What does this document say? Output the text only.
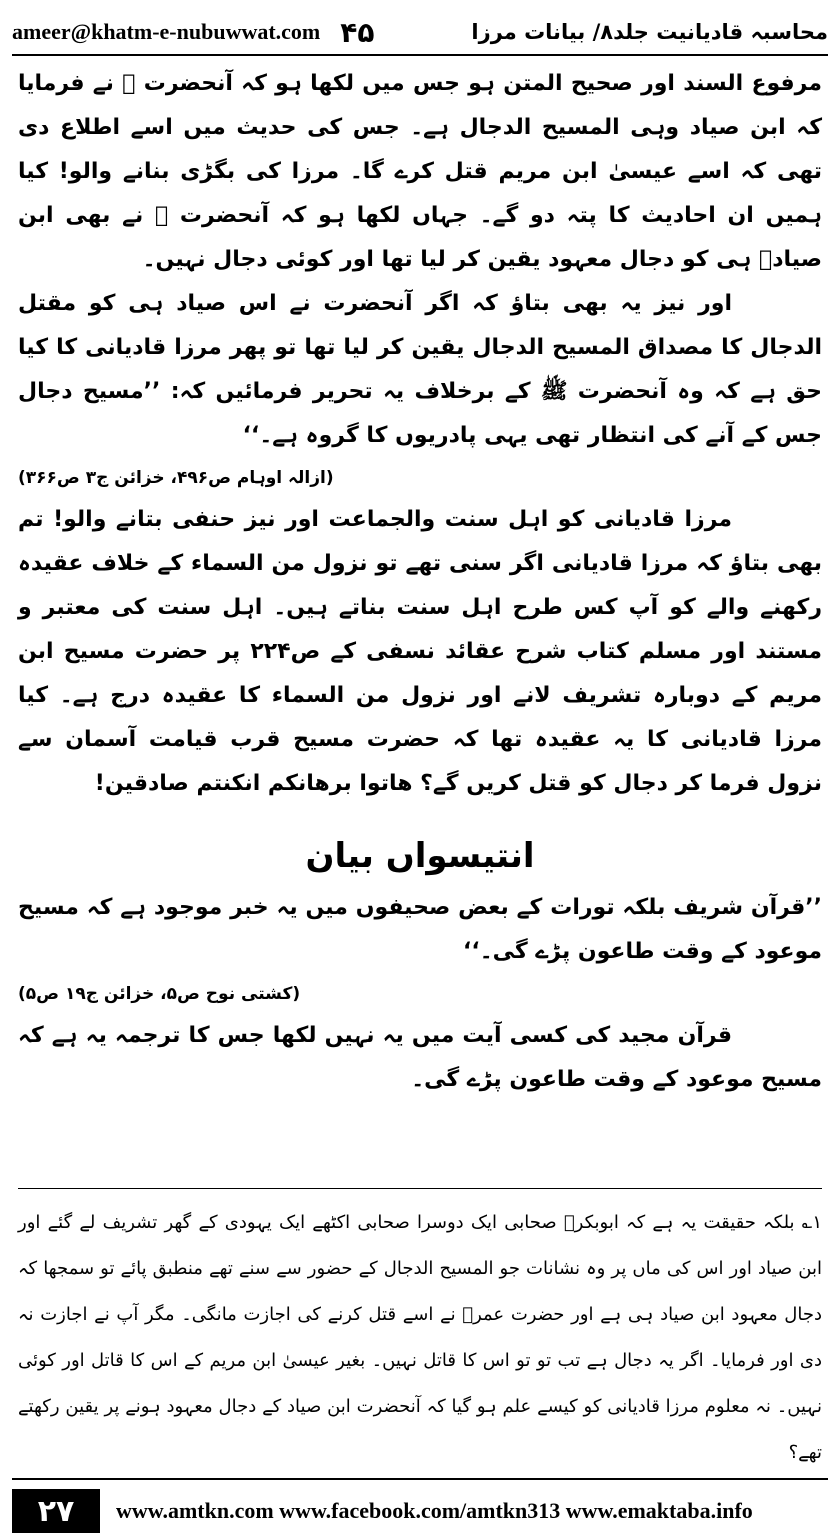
ameer@khatm-e-nubuwwat.com ۴۵	محاسبہ قادیانیت جلد۸/ بیانات مرزا

مرفوع السند اور صحیح المتن ہو جس میں لکھا ہو کہ آنحضرت ﷺ نے فرمایا کہ ابن صیاد وہی المسیح الدجال ہے۔ جس کی حدیث میں اسے اطلاع دی تھی کہ اسے عیسیٰ ابن مریم قتل کرے گا۔ مرزا کی بگڑی بنانے والو! کیا ہمیں ان احادیث کا پتہ دو گے۔ جہاں لکھا ہو کہ آنحضرت ﷺ نے بھی ابن صیادؓ ہی کو دجال معہود یقین کر لیا تھا اور کوئی دجال نہیں۔

اور نیز یہ بھی بتاؤ کہ اگر آنحضرت نے اس صیاد ہی کو مقتل الدجال کا مصداق المسیح الدجال یقین کر لیا تھا تو پھر مرزا قادیانی کا کیا حق ہے کہ وہ آنحضرت ﷺ کے برخلاف یہ تحریر فرمائیں کہ: ’’مسیح دجال جس کے آنے کی انتظار تھی یہی پادریوں کا گروہ ہے۔‘‘

(ازالہ اوہام ص۴۹۶، خزائن ج۳ ص۳۶۶)

مرزا قادیانی کو اہل سنت والجماعت اور نیز حنفی بتانے والو! تم بھی بتاؤ کہ مرزا قادیانی اگر سنی تھے تو نزول من السماء کے خلاف عقیدہ رکھنے والے کو آپ کس طرح اہل سنت بناتے ہیں۔ اہل سنت کی معتبر و مستند اور مسلم کتاب شرح عقائد نسفی کے ص۲۲۴ پر حضرت مسیح ابن مریم کے دوبارہ تشریف لانے اور نزول من السماء کا عقیدہ درج ہے۔ کیا مرزا قادیانی کا یہ عقیدہ تھا کہ حضرت مسیح قرب قیامت آسمان سے نزول فرما کر دجال کو قتل کریں گے؟ ھاتوا برھانکم انکنتم صادقین!

انتیسواں بیان

’’قرآن شریف بلکہ تورات کے بعض صحیفوں میں یہ خبر موجود ہے کہ مسیح موعود کے وقت طاعون پڑے گی۔‘‘

(کشتی نوح ص۵، خزائن ج۱۹ ص۵)

قرآن مجید کی کسی آیت میں یہ نہیں لکھا جس کا ترجمہ یہ ہے کہ مسیح موعود کے وقت طاعون پڑے گی۔

۱؎ بلکہ حقیقت یہ ہے کہ ابوبکرؓ صحابی ایک دوسرا صحابی اکٹھے ایک یہودی کے گھر تشریف لے گئے اور ابن صیاد اور اس کی ماں پر وہ نشانات جو المسیح الدجال کے حضور سے سنے تھے منطبق پائے تو سمجھا کہ دجال معہود ابن صیاد ہی ہے اور حضرت عمرؓ نے اسے قتل کرنے کی اجازت مانگی۔ مگر آپ نے اجازت نہ دی اور فرمایا۔ اگر یہ دجال ہے تب تو تو اس کا قاتل نہیں۔ بغیر عیسیٰ ابن مریم کے اس کا قاتل اور کوئی نہیں۔ نہ معلوم مرزا قادیانی کو کیسے علم ہو گیا کہ آنحضرت ابن صیاد کے دجال معہود ہونے پر یقین رکھتے تھے؟

۲۷	www.amtkn.com www.facebook.com/amtkn313 www.emaktaba.info
